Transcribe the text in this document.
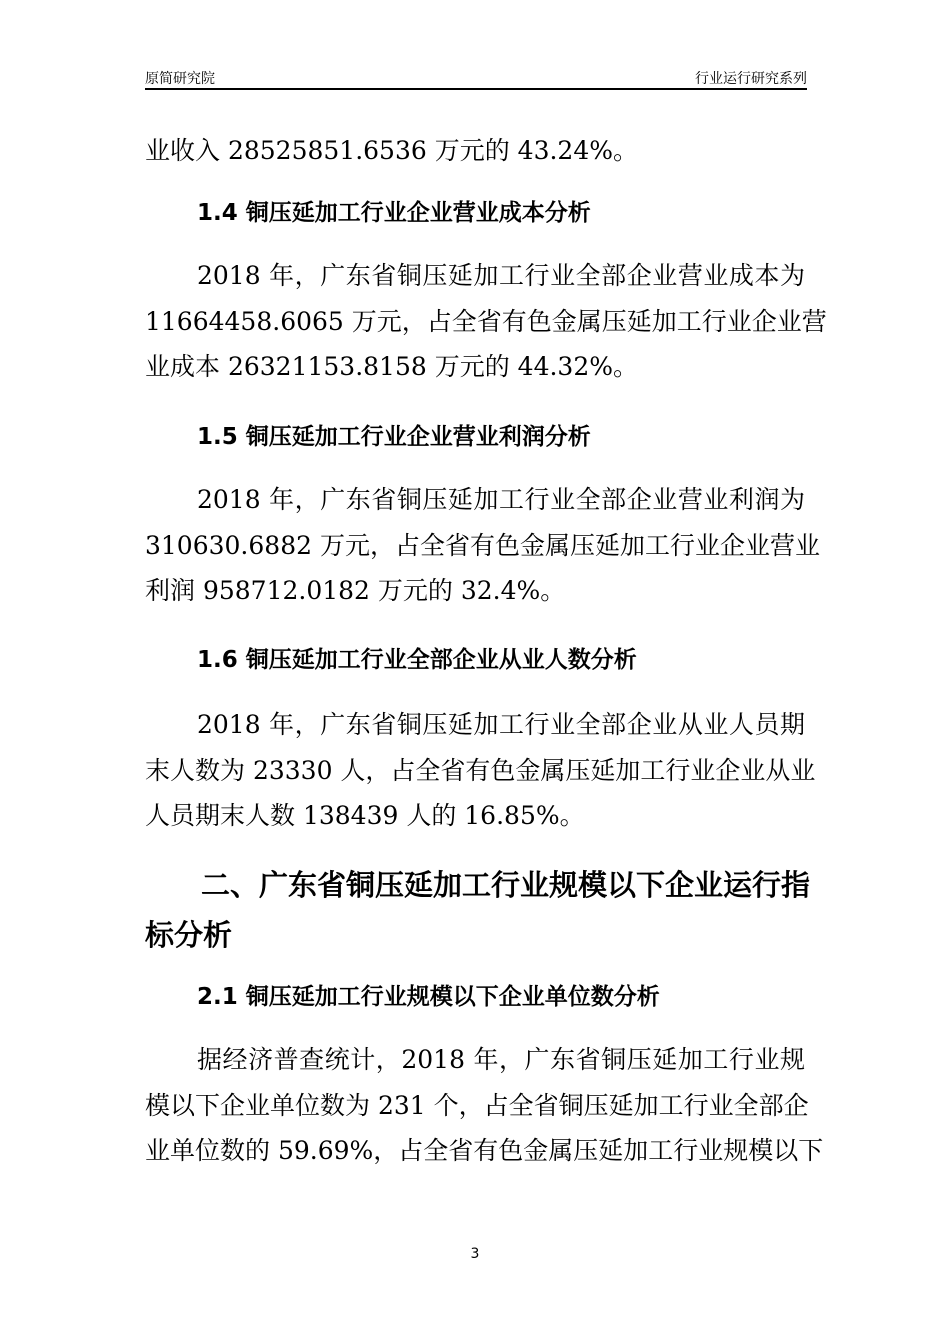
原简研究院	行业运行研究系列
业收入 28525851.6536 万元的 43.24%。
1.4 铜压延加工行业企业营业成本分析
2018 年，广东省铜压延加工行业全部企业营业成本为
11664458.6065 万元，占全省有色金属压延加工行业企业营
业成本 26321153.8158 万元的 44.32%。
1.5 铜压延加工行业企业营业利润分析
2018 年，广东省铜压延加工行业全部企业营业利润为
310630.6882 万元，占全省有色金属压延加工行业企业营业
利润 958712.0182 万元的 32.4%。
1.6 铜压延加工行业全部企业从业人数分析
2018 年，广东省铜压延加工行业全部企业从业人员期
末人数为 23330 人，占全省有色金属压延加工行业企业从业
人员期末人数 138439 人的 16.85%。
二、广东省铜压延加工行业规模以下企业运行指
标分析
2.1 铜压延加工行业规模以下企业单位数分析
据经济普查统计，2018 年，广东省铜压延加工行业规
模以下企业单位数为 231 个，占全省铜压延加工行业全部企
业单位数的 59.69%，占全省有色金属压延加工行业规模以下
3
